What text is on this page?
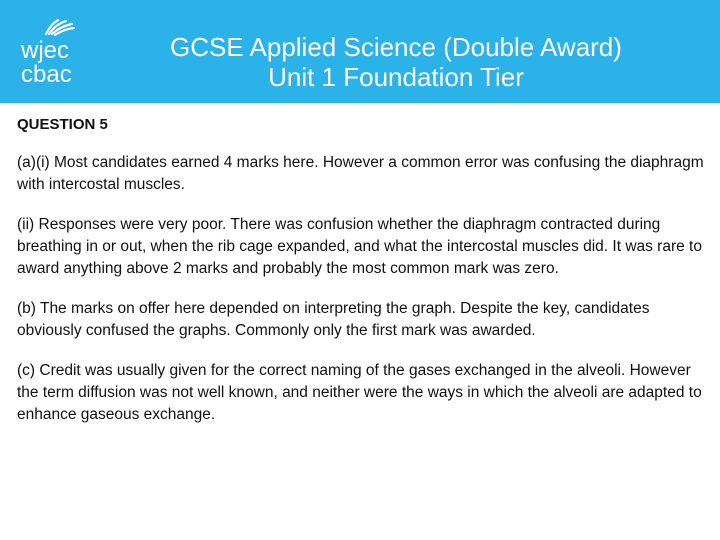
wjec
cbac
GCSE Applied Science (Double Award)
Unit 1 Foundation Tier
QUESTION 5

(a)(i) Most candidates earned 4 marks here. However a common error was confusing the diaphragm with intercostal muscles.

(ii) Responses were very poor. There was confusion whether the diaphragm contracted during breathing in or out, when the rib cage expanded, and what the intercostal muscles did. It was rare to award anything above 2 marks and probably the most common mark was zero.

(b) The marks on offer here depended on interpreting the graph. Despite the key, candidates obviously confused the graphs. Commonly only the first mark was awarded.

(c) Credit was usually given for the correct naming of the gases exchanged in the alveoli. However the term diffusion was not well known, and neither were the ways in which the alveoli are adapted to enhance gaseous exchange.
